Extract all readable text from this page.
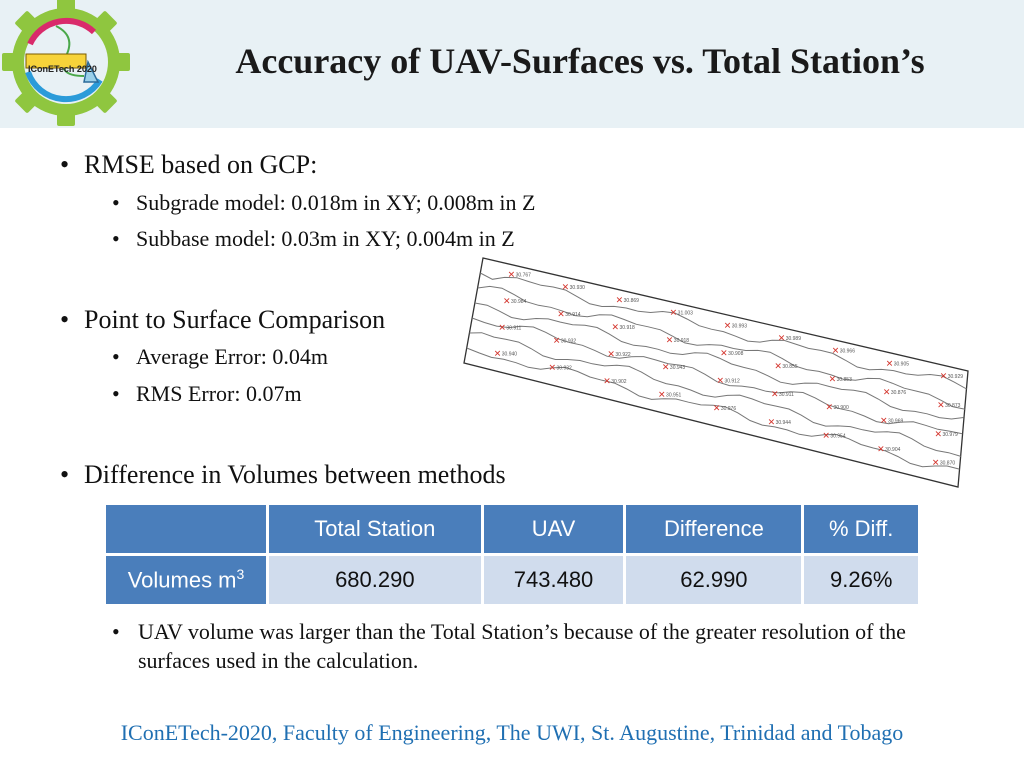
IConETech 2020	Accuracy of UAV-Surfaces vs. Total Station’s
• RMSE based on GCP:
• Subgrade model: 0.018m in XY; 0.008m in Z
• Subbase model: 0.03m in XY; 0.004m in Z
• Point to Surface Comparison
• Average Error: 0.04m
• RMS Error: 0.07m
✕ 30.767
✕ 30.930
✕ 30.869
✕ 31.003
✕ 30.993
✕ 30.989
✕ 30.966
✕ 30.905
✕ 30.929
✕ 30.984
✕ 30.914
✕ 30.918
✕ 30.918
✕ 30.908
✕ 30.855
✕ 30.853
✕ 30.876
✕ 30.873
✕ 30.911
✕ 30.932
✕ 30.922
✕ 30.943
✕ 30.912
✕ 30.911
✕ 30.900
✕ 30.969
✕ 30.979
✕ 30.940
✕ 30.932
✕ 30.902
✕ 30.951
✕ 30.976
✕ 30.944
✕ 30.954
✕ 30.904
✕ 30.870
• Difference in Volumes between methods
	Total Station	UAV	Difference	% Diff.
Volumes $m^3$	680.290	743.480	62.990	9.26%
• UAV volume was larger than the Total Station’s because of the greater resolution of the surfaces used in the calculation.
IConETech-2020, Faculty of Engineering, The UWI, St. Augustine, Trinidad and Tobago
